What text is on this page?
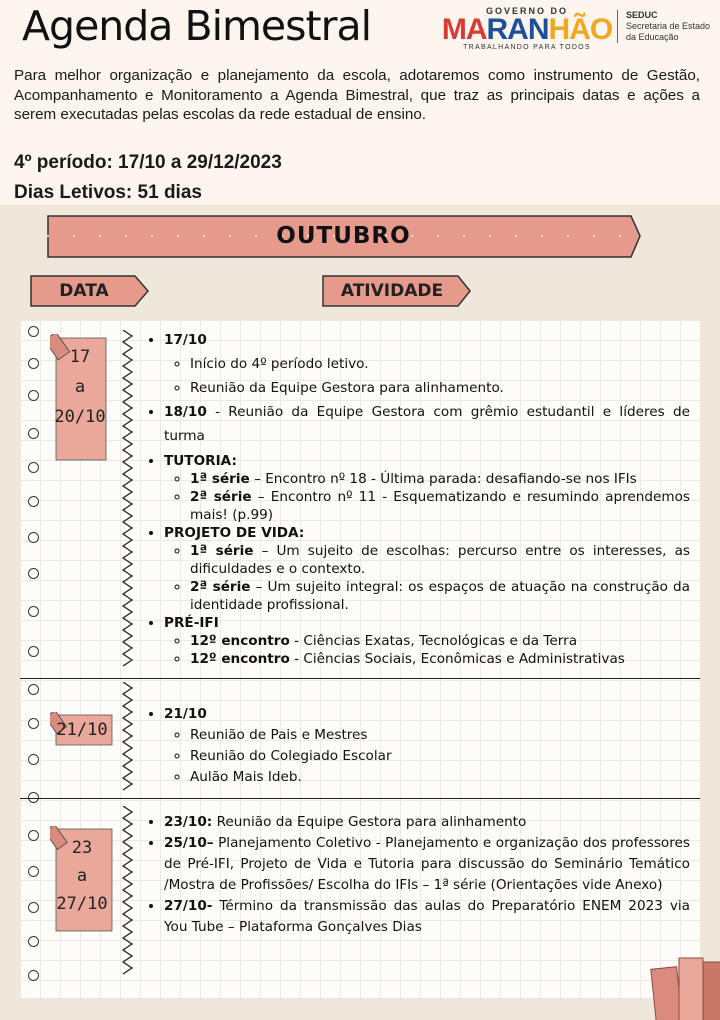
Agenda Bimestral	GOVERNO DO
MARANHÃO
TRABALHANDO PARA TODOS
SEDUC
Secretaria de Estado
da Educação
Para melhor organização e planejamento da escola, adotaremos como instrumento de Gestão, Acompanhamento e Monitoramento a Agenda Bimestral, que traz as principais datas e ações a serem executadas pelas escolas da rede estadual de ensino.
4º período: 17/10 a 29/12/2023
Dias Letivos: 51 dias
OUTUBRO
DATA	ATIVIDADE
17
a
20/10
21/10
23
a
27/10
• 17/10
◦ Início do 4º período letivo.
◦ Reunião da Equipe Gestora para alinhamento.
• 18/10 - Reunião da Equipe Gestora com grêmio estudantil e líderes de turma
• TUTORIA:
◦ 1ª série – Encontro nº 18 - Última parada: desafiando-se nos IFIs
◦ 2ª série – Encontro nº 11 - Esquematizando e resumindo aprendemos mais! (p.99)
• PROJETO DE VIDA:
◦ 1ª série – Um sujeito de escolhas: percurso entre os interesses, as dificuldades e o contexto.
◦ 2ª série – Um sujeito integral: os espaços de atuação na construção da identidade profissional.
• PRÉ-IFI
◦ 12º encontro - Ciências Exatas, Tecnológicas e da Terra
◦ 12º encontro - Ciências Sociais, Econômicas e Administrativas
• 21/10
◦ Reunião de Pais e Mestres
◦ Reunião do Colegiado Escolar
◦ Aulão Mais Ideb.
• 23/10: Reunião da Equipe Gestora para alinhamento
• 25/10– Planejamento Coletivo - Planejamento e organização dos professores de Pré-IFI, Projeto de Vida e Tutoria para discussão do Seminário Temático /Mostra de Profissões/ Escolha do IFIs – 1ª série (Orientações vide Anexo)
• 27/10- Término da transmissão das aulas do Preparatório ENEM 2023 via You Tube – Plataforma Gonçalves Dias
